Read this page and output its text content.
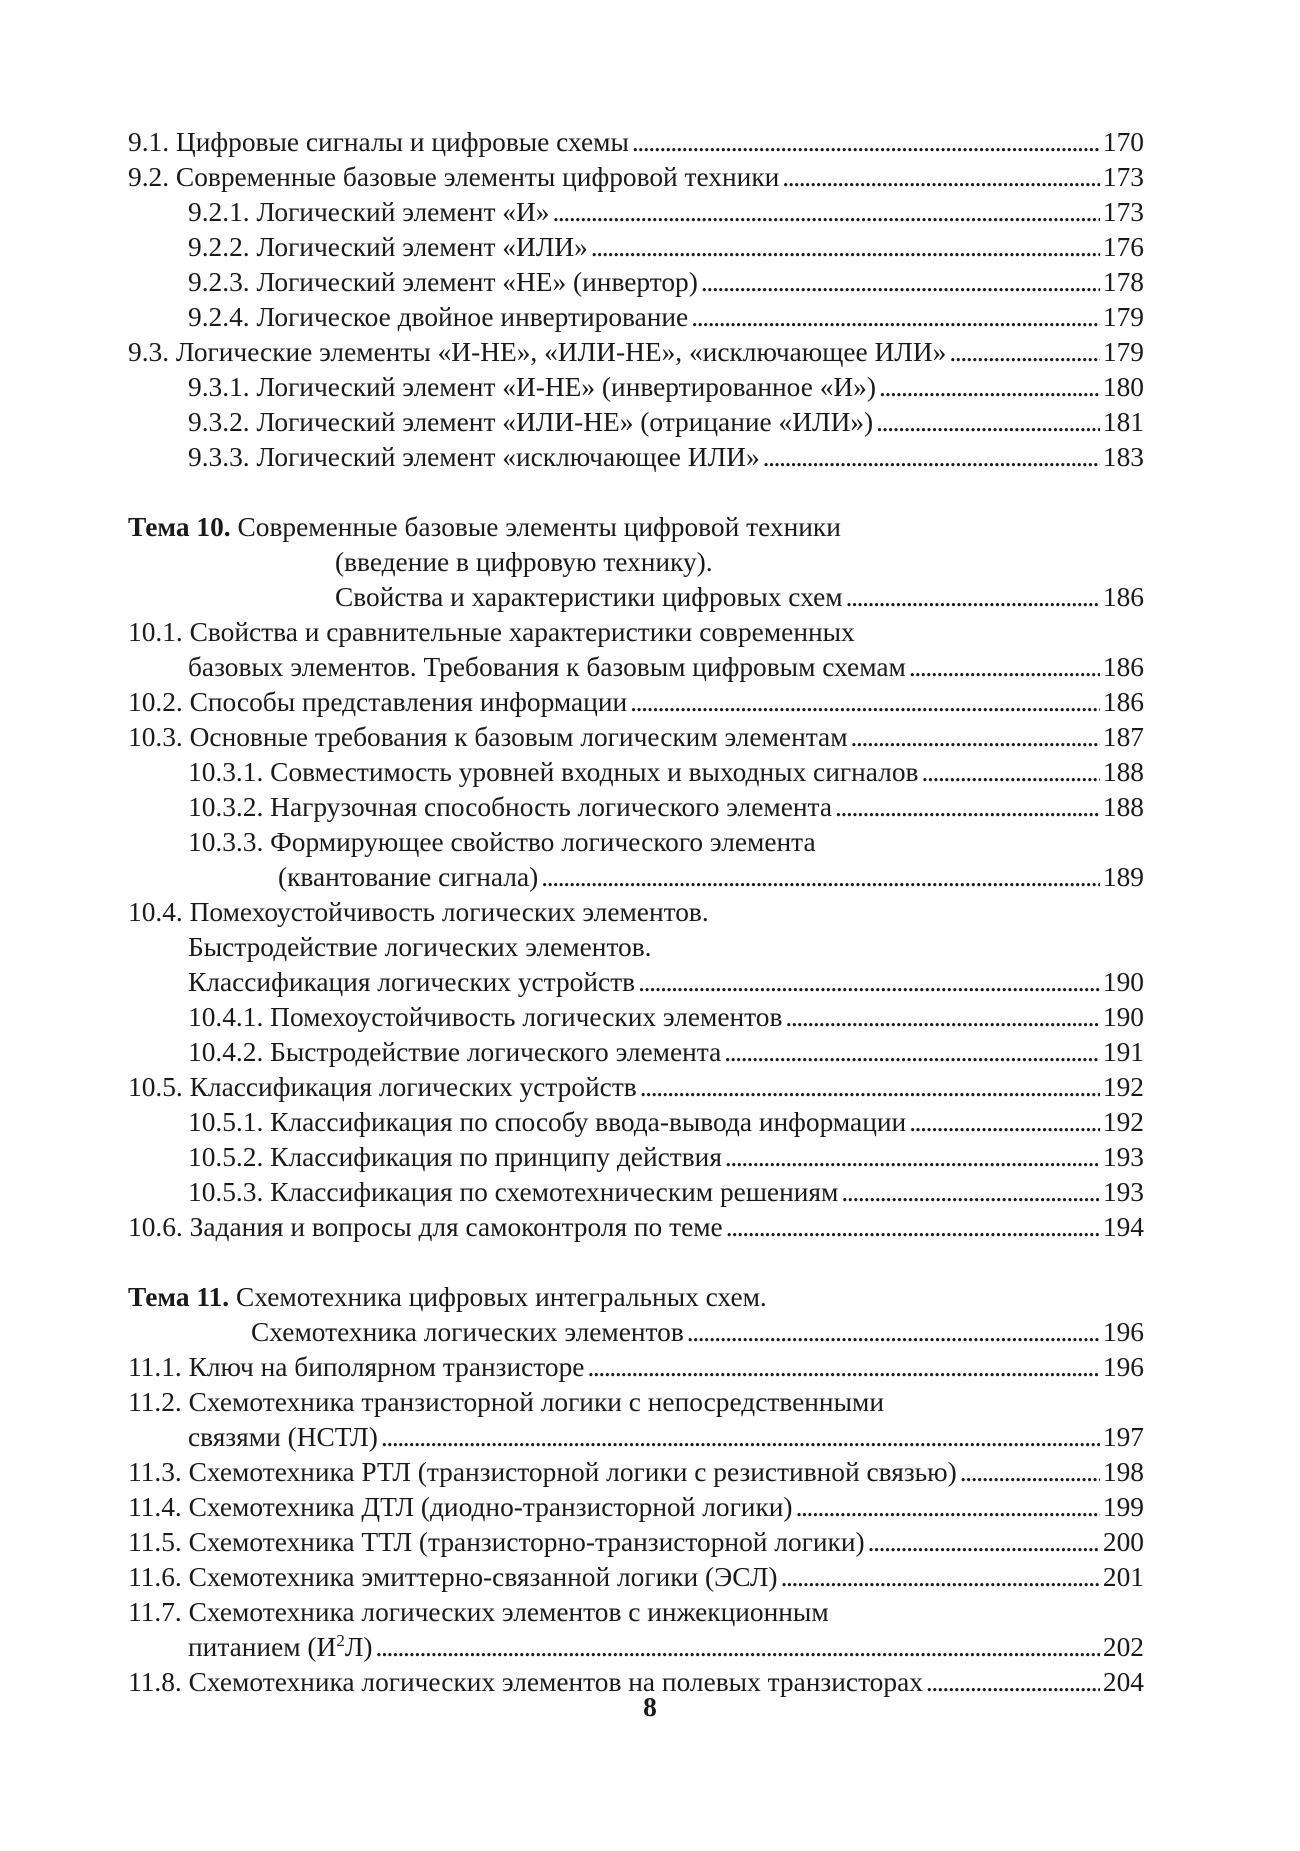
9.1. Цифровые сигналы и цифровые схемы . . .	170
9.2. Современные базовые элементы цифровой техники . . .	173
9.2.1. Логический элемент «И» . . .	173
9.2.2. Логический элемент «ИЛИ» . . .	176
9.2.3. Логический элемент «НЕ» (инвертор) . . .	178
9.2.4. Логическое двойное инвертирование . . .	179
9.3. Логические элементы «И-НЕ», «ИЛИ-НЕ», «исключающее ИЛИ» . . .	179
9.3.1. Логический элемент «И-НЕ» (инвертированное «И») . . .	180
9.3.2. Логический элемент «ИЛИ-НЕ» (отрицание «ИЛИ») . . .	181
9.3.3. Логический элемент «исключающее ИЛИ» . . .	183
Тема 10. Современные базовые элементы цифровой техники
(введение в цифровую технику).
Свойства и характеристики цифровых схем . . .	186
10.1. Свойства и сравнительные характеристики современных
базовых элементов. Требования к базовым цифровым схемам . . .	186
10.2. Способы представления информации . . .	186
10.3. Основные требования к базовым логическим элементам . . .	187
10.3.1. Совместимость уровней входных и выходных сигналов . . .	188
10.3.2. Нагрузочная способность логического элемента . . .	188
10.3.3. Формирующее свойство логического элемента
(квантование сигнала) . . .	189
10.4. Помехоустойчивость логических элементов.
Быстродействие логических элементов.
Классификация логических устройств . . .	190
10.4.1. Помехоустойчивость логических элементов . . .	190
10.4.2. Быстродействие логического элемента . . .	191
10.5. Классификация логических устройств . . .	192
10.5.1. Классификация по способу ввода-вывода информации . . .	192
10.5.2. Классификация по принципу действия . . .	193
10.5.3. Классификация по схемотехническим решениям . . .	193
10.6. Задания и вопросы для самоконтроля по теме . . .	194
Тема 11. Схемотехника цифровых интегральных схем.
Схемотехника логических элементов . . .	196
11.1. Ключ на биполярном транзисторе . . .	196
11.2. Схемотехника транзисторной логики с непосредственными
связями (НСТЛ) . . .	197
11.3. Схемотехника РТЛ (транзисторной логики с резистивной связью) . . .	198
11.4. Схемотехника ДТЛ (диодно-транзисторной логики) . . .	199
11.5. Схемотехника ТТЛ (транзисторно-транзисторной логики) . . .	200
11.6. Схемотехника эмиттерно-связанной логики (ЭСЛ) . . .	201
11.7. Схемотехника логических элементов с инжекционным
питанием $(И^2Л)$ . . .	202
11.8. Схемотехника логических элементов на полевых транзисторах . . .	204
8
